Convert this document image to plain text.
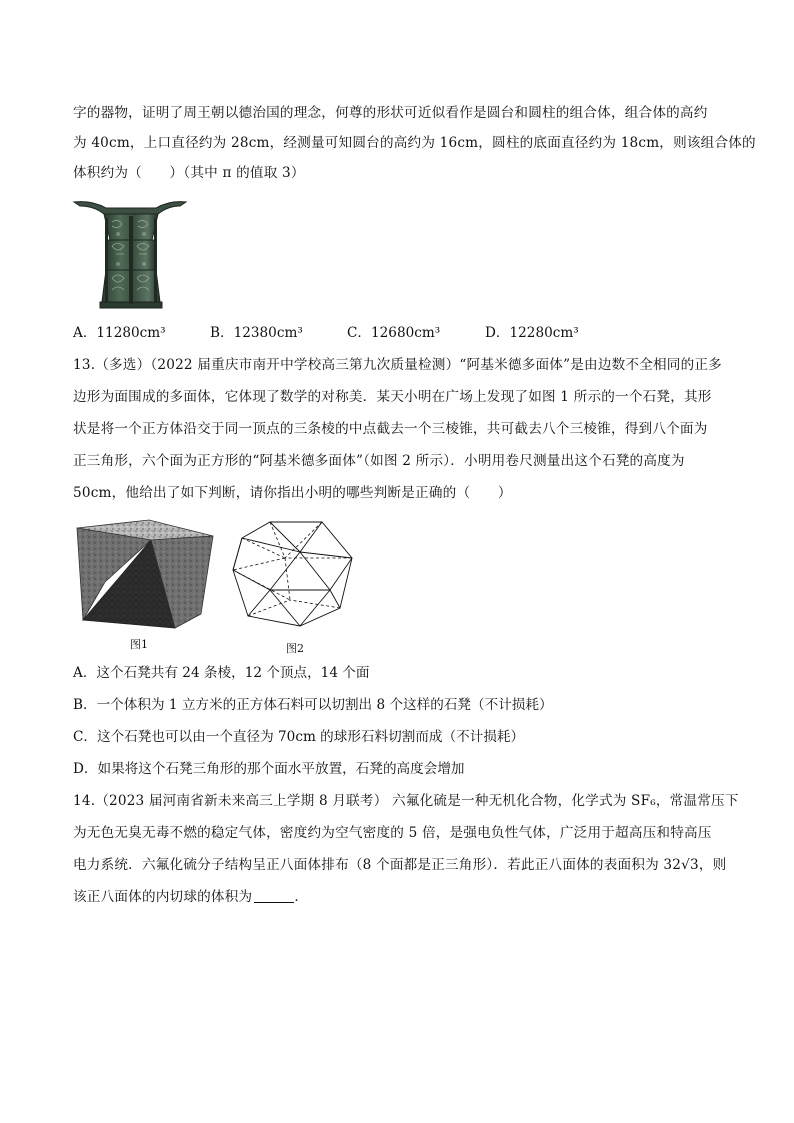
字的器物，证明了周王朝以德治国的理念，何尊的形状可近似看作是圆台和圆柱的组合体，组合体的高约
为 40cm，上口直径约为 28cm，经测量可知圆台的高约为 16cm，圆柱的底面直径约为 18cm，则该组合体的
体积约为（　　）（其中 π 的值取 3）
A．11280cm³	B．12380cm³	C．12680cm³	D．12280cm³
13.（多选）（2022 届重庆市南开中学校高三第九次质量检测）“阿基米德多面体”是由边数不全相同的正多
边形为面围成的多面体，它体现了数学的对称美．某天小明在广场上发现了如图 1 所示的一个石凳，其形
状是将一个正方体沿交于同一顶点的三条棱的中点截去一个三棱锥，共可截去八个三棱锥，得到八个面为
正三角形，六个面为正方形的“阿基米德多面体”（如图 2 所示）．小明用卷尺测量出这个石凳的高度为
50cm，他给出了如下判断，请你指出小明的哪些判断是正确的（　　）
图1	图2
A．这个石凳共有 24 条棱，12 个顶点，14 个面
B．一个体积为 1 立方米的正方体石料可以切割出 8 个这样的石凳（不计损耗）
C．这个石凳也可以由一个直径为 70cm 的球形石料切割而成（不计损耗）
D．如果将这个石凳三角形的那个面水平放置，石凳的高度会增加
14.（2023 届河南省新未来高三上学期 8 月联考） 六氟化硫是一种无机化合物，化学式为 SF₆，常温常压下
为无色无臭无毒不燃的稳定气体，密度约为空气密度的 5 倍，是强电负性气体，广泛用于超高压和特高压
电力系统．六氟化硫分子结构呈正八面体排布（8 个面都是正三角形）．若此正八面体的表面积为 32√3，则
该正八面体的内切球的体积为	．
